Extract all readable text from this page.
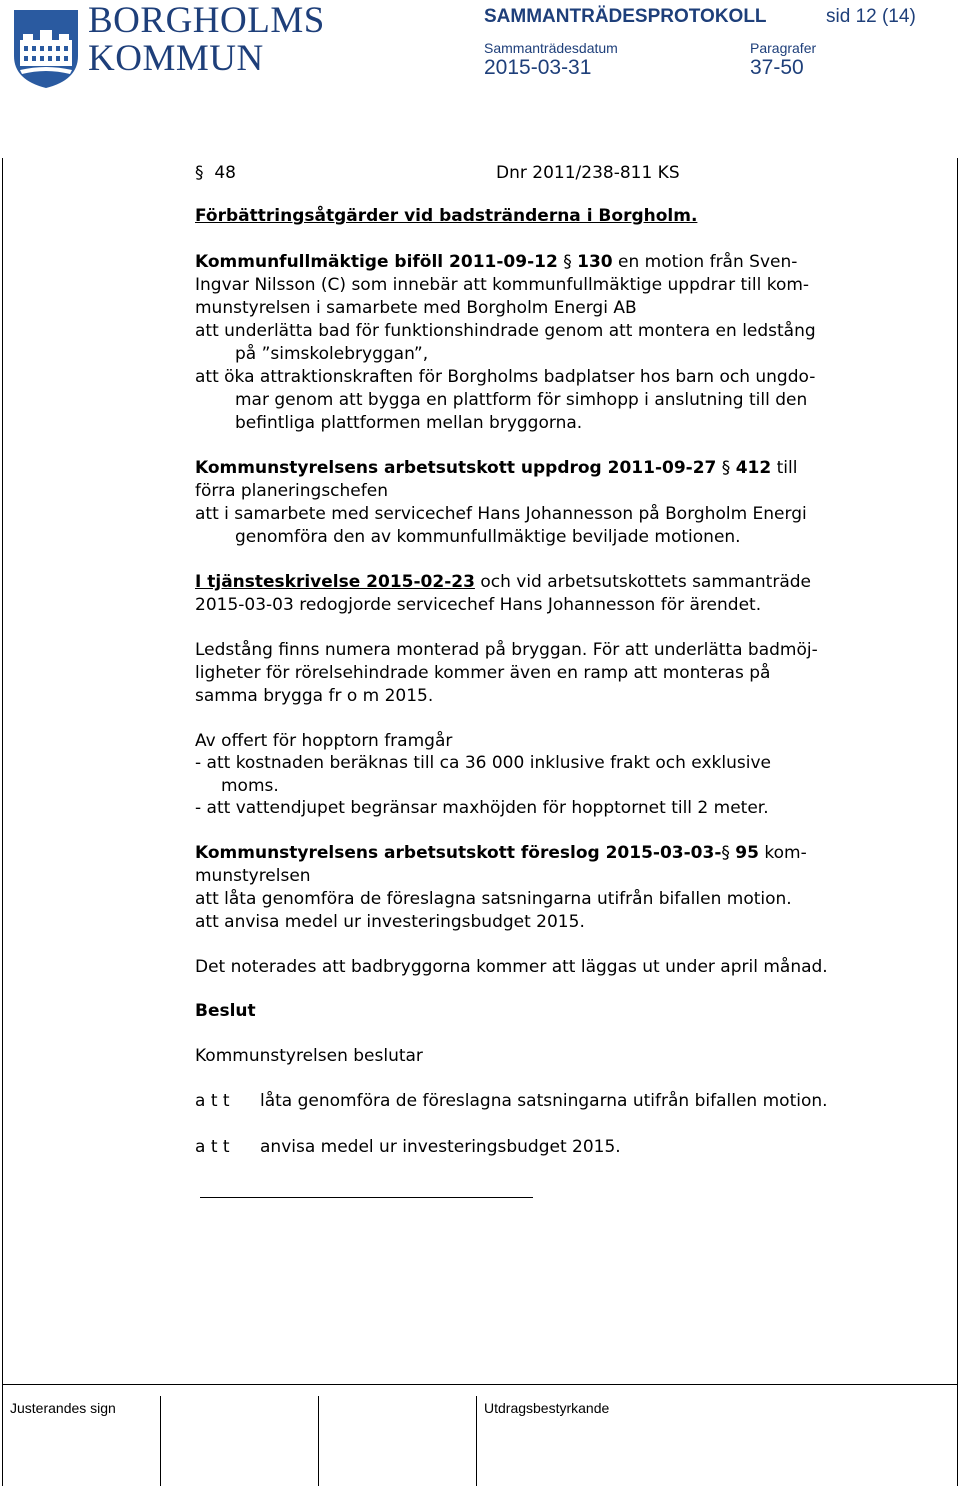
BORGHOLMS
KOMMUN
SAMMANTRÄDESPROTOKOLL	sid 12 (14)
Sammanträdesdatum	Paragrafer
2015-03-31	37-50
§ 48	Dnr 2011/238-811 KS
Förbättringsåtgärder vid badstränderna i Borgholm.
Kommunfullmäktige biföll 2011-09-12 § 130 en motion från Sven-
Ingvar Nilsson (C) som innebär att kommunfullmäktige uppdrar till kom-
munstyrelsen i samarbete med Borgholm Energi AB
att underlätta bad för funktionshindrade genom att montera en ledstång
på ”simskolebryggan”,
att öka attraktionskraften för Borgholms badplatser hos barn och ungdo-
mar genom att bygga en plattform för simhopp i anslutning till den
befintliga plattformen mellan bryggorna.
Kommunstyrelsens arbetsutskott uppdrog 2011-09-27 § 412 till
förra planeringschefen
att i samarbete med servicechef Hans Johannesson på Borgholm Energi
genomföra den av kommunfullmäktige beviljade motionen.
I tjänsteskrivelse 2015-02-23 och vid arbetsutskottets sammanträde
2015-03-03 redogjorde servicechef Hans Johannesson för ärendet.
Ledstång finns numera monterad på bryggan. För att underlätta badmöj-
ligheter för rörelsehindrade kommer även en ramp att monteras på
samma brygga fr o m 2015.
Av offert för hopptorn framgår
- att kostnaden beräknas till ca 36 000 inklusive frakt och exklusive
moms.
- att vattendjupet begränsar maxhöjden för hopptornet till 2 meter.
Kommunstyrelsens arbetsutskott föreslog 2015-03-03-§ 95 kom-
munstyrelsen
att låta genomföra de föreslagna satsningarna utifrån bifallen motion.
att anvisa medel ur investeringsbudget 2015.
Det noterades att badbryggorna kommer att läggas ut under april månad.
Beslut
Kommunstyrelsen beslutar
a t t låta genomföra de föreslagna satsningarna utifrån bifallen motion.
a t t anvisa medel ur investeringsbudget 2015.
Justerandes sign	Utdragsbestyrkande
